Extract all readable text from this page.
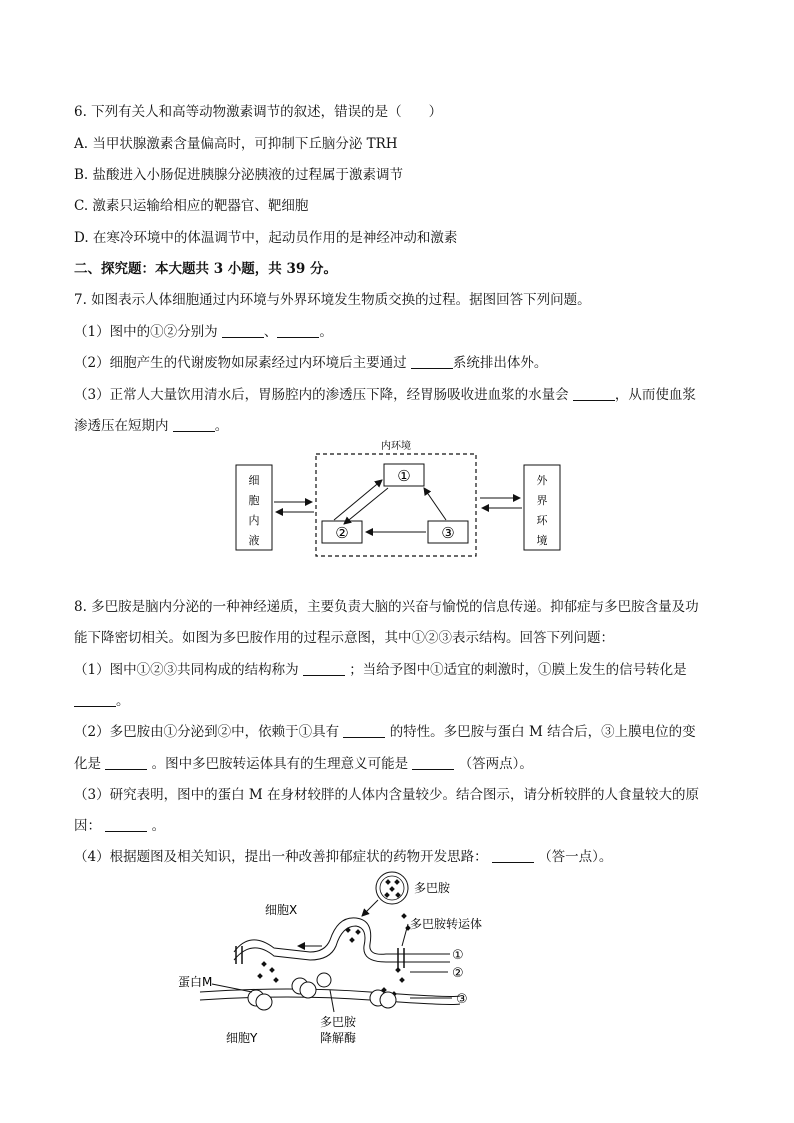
6. 下列有关人和高等动物激素调节的叙述，错误的是（　　）
A. 当甲状腺激素含量偏高时，可抑制下丘脑分泌 TRH
B. 盐酸进入小肠促进胰腺分泌胰液的过程属于激素调节
C. 激素只运输给相应的靶器官、靶细胞
D. 在寒冷环境中的体温调节中，起动员作用的是神经冲动和激素
二、探究题：本大题共 3 小题，共 39 分。
7. 如图表示人体细胞通过内环境与外界环境发生物质交换的过程。据图回答下列问题。
（1）图中的①②分别为	、	。
（2）细胞产生的代谢废物如尿素经过内环境后主要通过	系统排出体外。
（3）正常人大量饮用清水后，胃肠腔内的渗透压下降，经胃肠吸收进血浆的水量会	，从而使血浆
渗透压在短期内	。
细
胞
内
液
内环境
①
②	③
外
界
环
境
8. 多巴胺是脑内分泌的一种神经递质，主要负责大脑的兴奋与愉悦的信息传递。抑郁症与多巴胺含量及功
能下降密切相关。如图为多巴胺作用的过程示意图，其中①②③表示结构。回答下列问题：
（1）图中①②③共同构成的结构称为	；当给予图中①适宜的刺激时，①膜上发生的信号转化是
。
（2）多巴胺由①分泌到②中，依赖于①具有	的特性。多巴胺与蛋白 M 结合后，③上膜电位的变
化是	。图中多巴胺转运体具有的生理意义可能是	（答两点）。
（3）研究表明，图中的蛋白 M 在身材较胖的人体内含量较少。结合图示，请分析较胖的人食量较大的原
因：	。
（4）根据题图及相关知识，提出一种改善抑郁症状的药物开发思路：	（答一点）。
多巴胺
细胞X
多巴胺转运体
①
②
蛋白M
③
多巴胺
降解酶
细胞Y
